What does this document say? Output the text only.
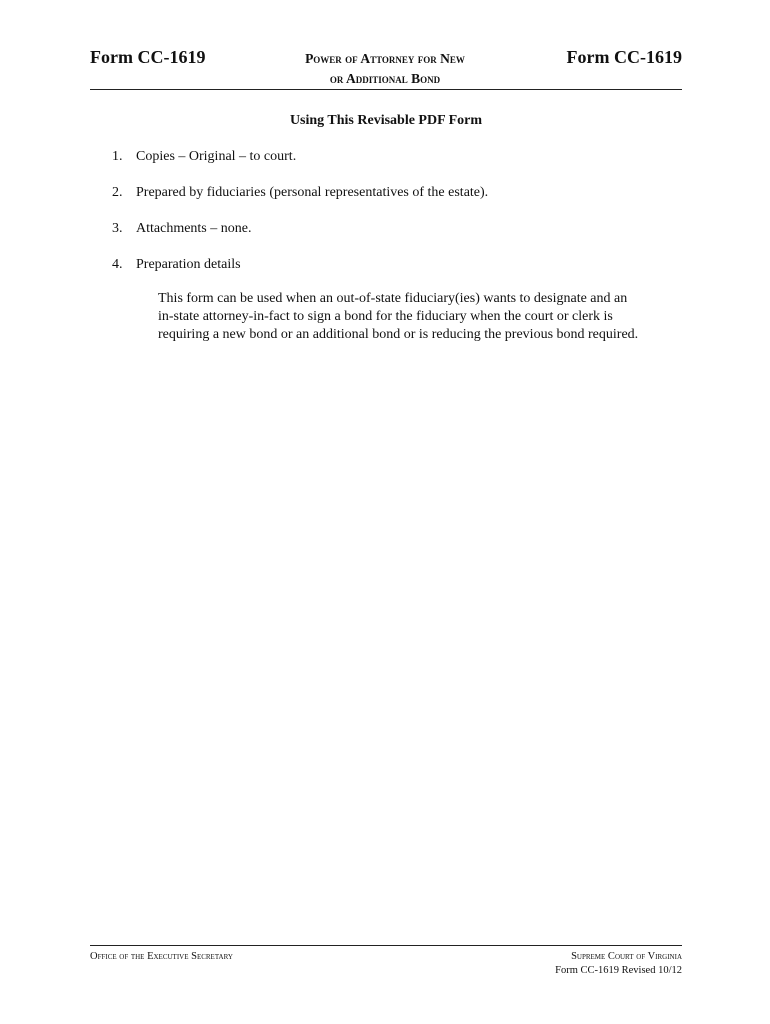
Form CC-1619	Power of Attorney for New
or Additional Bond
Form CC-1619
Using This Revisable PDF Form
1. Copies – Original – to court.
2. Prepared by fiduciaries (personal representatives of the estate).
3. Attachments – none.
4. Preparation details
This form can be used when an out-of-state fiduciary(ies) wants to designate and an
in-state attorney-in-fact to sign a bond for the fiduciary when the court or clerk is
requiring a new bond or an additional bond or is reducing the previous bond required.
Office of the Executive Secretary	Supreme Court of Virginia
Form CC-1619 Revised 10/12
